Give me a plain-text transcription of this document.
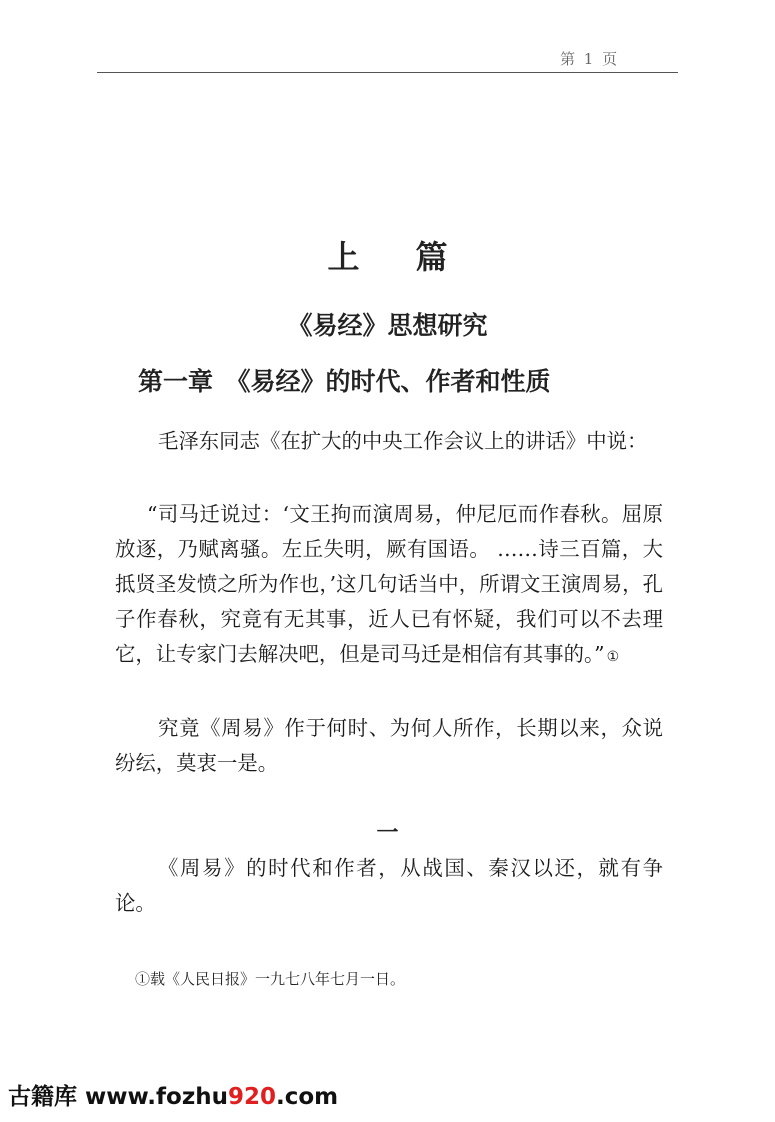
第 1 页
上篇
《易经》思想研究
第一章　《易经》的时代、作者和性质
毛泽东同志《在扩大的中央工作会议上的讲话》中说：
“司马迁说过：‘文王拘而演周易，仲尼厄而作春秋。屈原放逐，乃赋离骚。左丘失明，厥有国语。 ……诗三百篇，大抵贤圣发愤之所为作也，’这几句话当中，所谓文王演周易，孔子作春秋，究竟有无其事，近人已有怀疑，我们可以不去理它，让专家门去解决吧，但是司马迁是相信有其事的。” ①
究竟《周易》作于何时、为何人所作，长期以来，众说纷纭，莫衷一是。
一
《周易》的时代和作者，从战国、秦汉以还，就有争论。
①载《人民日报》一九七八年七月一日。
古籍库 www.fozhu920.com
